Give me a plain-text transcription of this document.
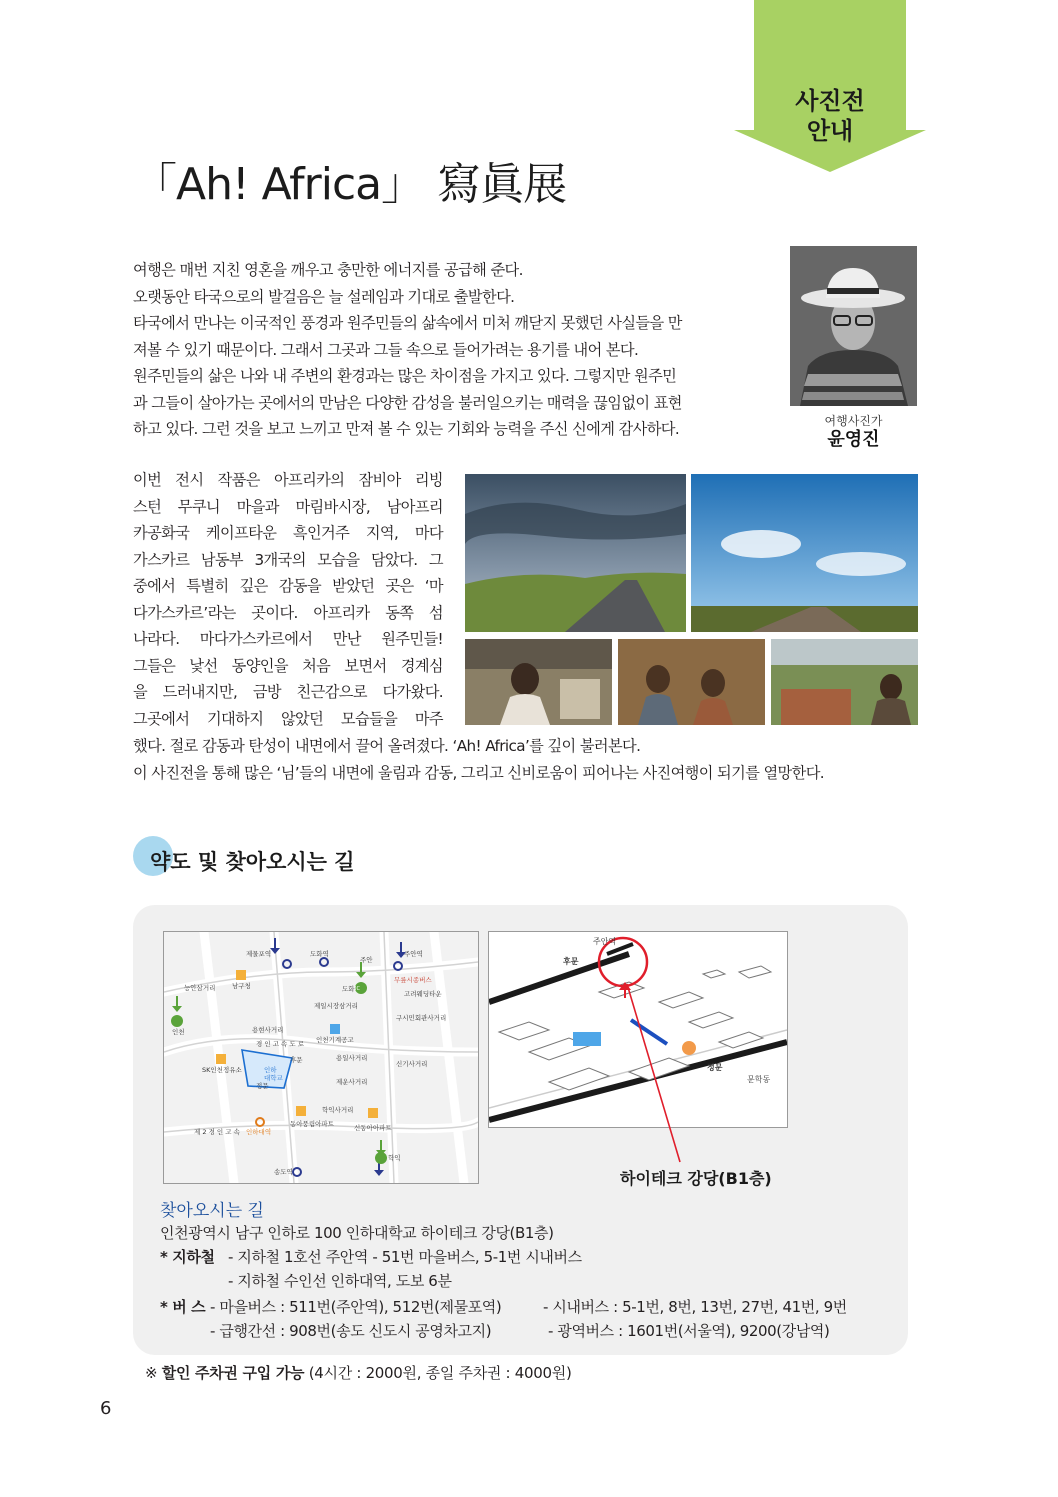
사진전
안내
「Ah! Africa」 寫眞展
여행은 매번 지친 영혼을 깨우고 충만한 에너지를 공급해 준다.
오랫동안 타국으로의 발걸음은 늘 설레임과 기대로 출발한다.
타국에서 만나는 이국적인 풍경과 원주민들의 삶속에서 미처 깨닫지 못했던 사실들을 만
져볼 수 있기 때문이다. 그래서 그곳과 그들 속으로 들어가려는 용기를 내어 본다.
원주민들의 삶은 나와 내 주변의 환경과는 많은 차이점을 가지고 있다. 그렇지만 원주민
과 그들이 살아가는 곳에서의 만남은 다양한 감성을 불러일으키는 매력을 끊임없이 표현
하고 있다. 그런 것을 보고 느끼고 만져 볼 수 있는 기회와 능력을 주신 신에게 감사하다.	여행사진가
윤영진
이번 전시 작품은 아프리카의 잠비아 리빙
스턴 무쿠니 마을과 마림바시장, 남아프리
카공화국 케이프타운 흑인거주 지역, 마다
가스카르 남동부 3개국의 모습을 담았다. 그
중에서 특별히 깊은 감동을 받았던 곳은 ‘마
다가스카르’라는 곳이다. 아프리카 동쪽 섬
나라다. 마다가스카르에서 만난 원주민들!
그들은 낯선 동양인을 처음 보면서 경계심
을 드러내지만, 금방 친근감으로 다가왔다.
그곳에서 기대하지 않았던 모습들을 마주
했다. 절로 감동과 탄성이 내면에서 끌어 올려졌다. ‘Ah! Africa’를 깊이 불러본다.
이 사진전을 통해 많은 ‘님’들의 내면에 울림과 감동, 그리고 신비로움이 피어나는 사진여행이 되기를 열망한다.
약도 및 찾아오시는 길
제물포역	도화역	주안역
주안
도화 IC
능안삼거리	남구청
제일시장삼거리
무릎시종버스
고려웨딩타운
인천	용현사거리
구시민회관사거리
경 인 고 속 도 로 인천기계공고
SK인천정유소
용일사거리
인하
대학교
후문
정문
신기사거리
제운사거리
제 2 경 인 고 속 인하대역
학익사거리
동아풍림아파트	신동아아파트
송도역
학익
주안역
후문
정문
문학동
하이테크 강당(B1층)
찾아오시는 길
인천광역시 남구 인하로 100 인하대학교 하이테크 강당(B1층)
* 지하철 - 지하철 1호선 주안역 - 51번 마을버스, 5-1번 시내버스
- 지하철 수인선 인하대역, 도보 6분
* 버 스 - 마을버스 : 511번(주안역), 512번(제물포역)	- 시내버스 : 5-1번, 8번, 13번, 27번, 41번, 9번
- 급행간선 : 908번(송도 신도시 공영차고지)	- 광역버스 : 1601번(서울역), 9200(강남역)
※ 할인 주차권 구입 가능 (4시간 : 2000원, 종일 주차권 : 4000원)
6
